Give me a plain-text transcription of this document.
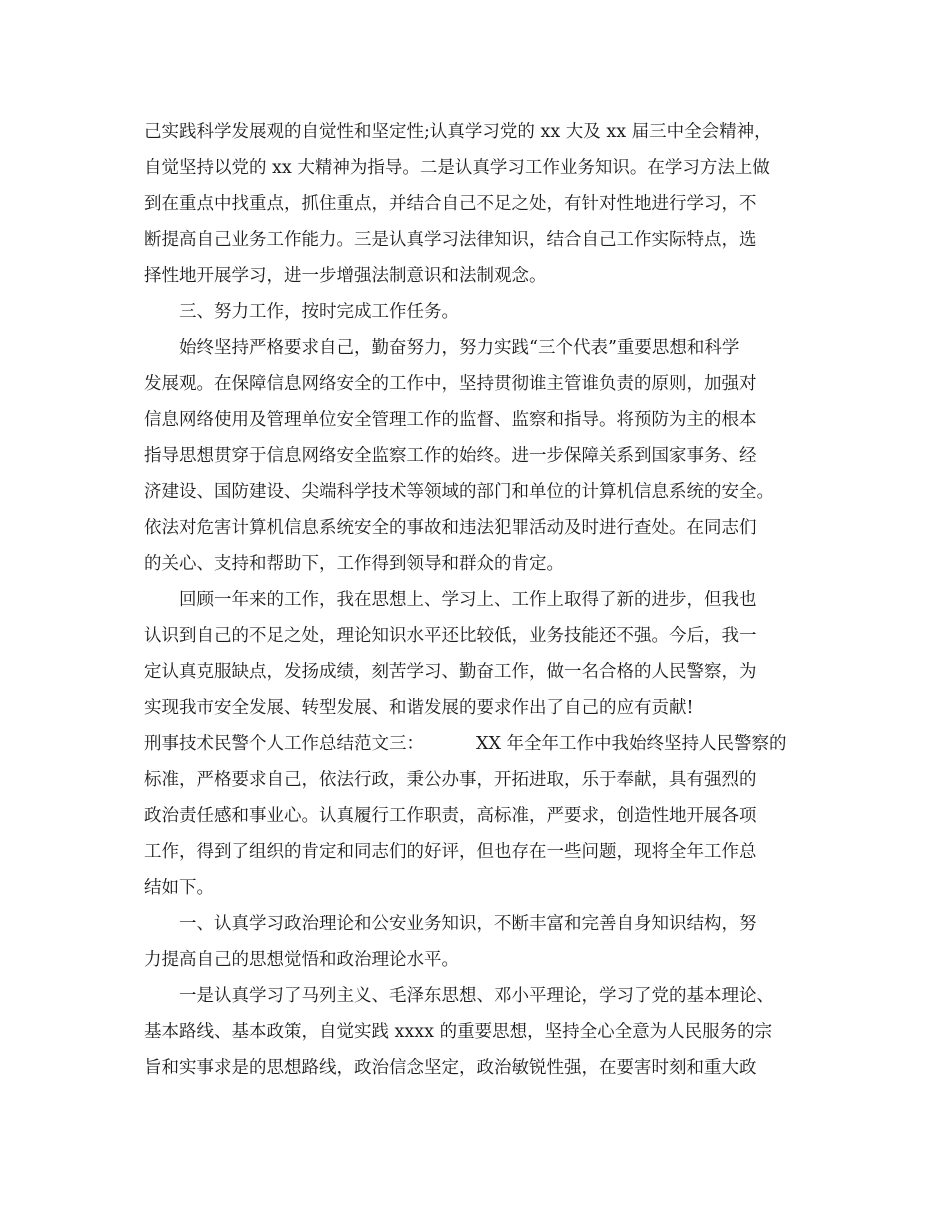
己实践科学发展观的自觉性和坚定性;认真学习党的 xx 大及 xx 届三中全会精神，
自觉坚持以党的 xx 大精神为指导。二是认真学习工作业务知识。在学习方法上做
到在重点中找重点，抓住重点，并结合自己不足之处，有针对性地进行学习，不
断提高自己业务工作能力。三是认真学习法律知识，结合自己工作实际特点，选
择性地开展学习，进一步增强法制意识和法制观念。
三、努力工作，按时完成工作任务。
始终坚持严格要求自己，勤奋努力，努力实践“三个代表”重要思想和科学
发展观。在保障信息网络安全的工作中，坚持贯彻谁主管谁负责的原则，加强对
信息网络使用及管理单位安全管理工作的监督、监察和指导。将预防为主的根本
指导思想贯穿于信息网络安全监察工作的始终。进一步保障关系到国家事务、经
济建设、国防建设、尖端科学技术等领域的部门和单位的计算机信息系统的安全。
依法对危害计算机信息系统安全的事故和违法犯罪活动及时进行查处。在同志们
的关心、支持和帮助下，工作得到领导和群众的肯定。
回顾一年来的工作，我在思想上、学习上、工作上取得了新的进步，但我也
认识到自己的不足之处，理论知识水平还比较低，业务技能还不强。今后，我一
定认真克服缺点，发扬成绩，刻苦学习、勤奋工作，做一名合格的人民警察，为
实现我市安全发展、转型发展、和谐发展的要求作出了自己的应有贡献!
刑事技术民警个人工作总结范文三：	XX 年全年工作中我始终坚持人民警察的
标准，严格要求自己，依法行政，秉公办事，开拓进取，乐于奉献，具有强烈的
政治责任感和事业心。认真履行工作职责，高标准，严要求，创造性地开展各项
工作，得到了组织的肯定和同志们的好评，但也存在一些问题，现将全年工作总
结如下。
一、认真学习政治理论和公安业务知识，不断丰富和完善自身知识结构，努
力提高自己的思想觉悟和政治理论水平。
一是认真学习了马列主义、毛泽东思想、邓小平理论，学习了党的基本理论、
基本路线、基本政策，自觉实践 xxxx 的重要思想，坚持全心全意为人民服务的宗
旨和实事求是的思想路线，政治信念坚定，政治敏锐性强，在要害时刻和重大政
